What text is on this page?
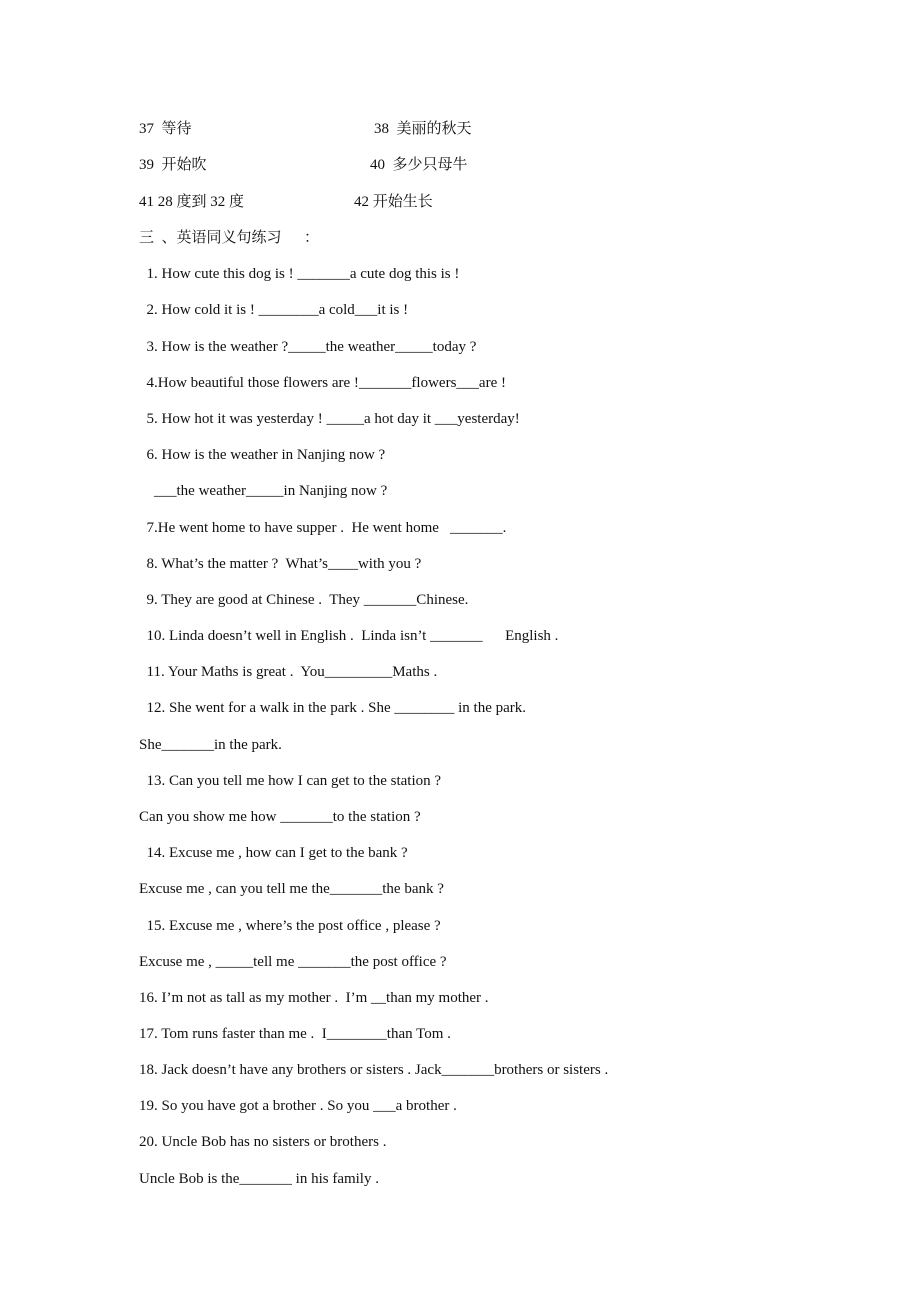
37  等待	38  美丽的秋天
39  开始吹	40  多少只母牛
41 28 度到 32 度	42 开始生长
三  、英语同义句练习      ：
1. How cute this dog is ! _______a cute dog this is !
2. How cold it is ! ________a cold___it is !
3. How is the weather ?_____the weather_____today ?
4.How beautiful those flowers are !_______flowers___are !
5. How hot it was yesterday ! _____a hot day it ___yesterday!
6. How is the weather in Nanjing now ?
___the weather_____in Nanjing now ?
7.He went home to have supper .  He went home   _______.
8. What’s the matter ?  What’s____with you ?
9. They are good at Chinese .  They _______Chinese.
10. Linda doesn’t well in English .  Linda isn’t _______      English .
11. Your Maths is great .  You_________Maths .
12. She went for a walk in the park . She ________ in the park.
She_______in the park.
13. Can you tell me how I can get to the station ?
Can you show me how _______to the station ?
14. Excuse me , how can I get to the bank ?
Excuse me , can you tell me the_______the bank ?
15. Excuse me , where’s the post office , please ?
Excuse me , _____tell me _______the post office ?
16. I’m not as tall as my mother .  I’m __than my mother .
17. Tom runs faster than me .  I________than Tom .
18. Jack doesn’t have any brothers or sisters . Jack_______brothers or sisters .
19. So you have got a brother . So you ___a brother .
20. Uncle Bob has no sisters or brothers .
Uncle Bob is the_______ in his family .
